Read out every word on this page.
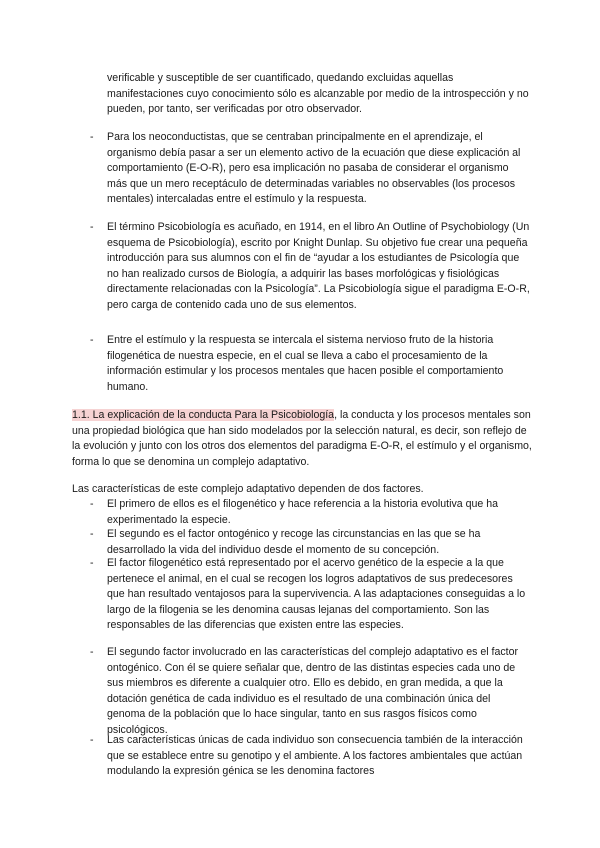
verificable y susceptible de ser cuantificado, quedando excluidas aquellas manifestaciones cuyo conocimiento sólo es alcanzable por medio de la introspección y no pueden, por tanto, ser verificadas por otro observador.
- Para los neoconductistas, que se centraban principalmente en el aprendizaje, el organismo debía pasar a ser un elemento activo de la ecuación que diese explicación al comportamiento (E-O-R), pero esa implicación no pasaba de considerar el organismo más que un mero receptáculo de determinadas variables no observables (los procesos mentales) intercaladas entre el estímulo y la respuesta.
- El término Psicobiología es acuñado, en 1914, en el libro An Outline of Psychobiology (Un esquema de Psicobiología), escrito por Knight Dunlap. Su objetivo fue crear una pequeña introducción para sus alumnos con el fin de “ayudar a los estudiantes de Psicología que no han realizado cursos de Biología, a adquirir las bases morfológicas y fisiológicas directamente relacionadas con la Psicología”. La Psicobiología sigue el paradigma E-O-R, pero carga de contenido cada uno de sus elementos.
- Entre el estímulo y la respuesta se intercala el sistema nervioso fruto de la historia filogenética de nuestra especie, en el cual se lleva a cabo el procesamiento de la información estimular y los procesos mentales que hacen posible el comportamiento humano.
1.1. La explicación de la conducta Para la Psicobiología, la conducta y los procesos mentales son una propiedad biológica que han sido modelados por la selección natural, es decir, son reflejo de la evolución y junto con los otros dos elementos del paradigma E-O-R, el estímulo y el organismo, forma lo que se denomina un complejo adaptativo.
Las características de este complejo adaptativo dependen de dos factores.
- El primero de ellos es el filogenético y hace referencia a la historia evolutiva que ha experimentado la especie.
- El segundo es el factor ontogénico y recoge las circunstancias en las que se ha desarrollado la vida del individuo desde el momento de su concepción.
- El factor filogenético está representado por el acervo genético de la especie a la que pertenece el animal, en el cual se recogen los logros adaptativos de sus predecesores que han resultado ventajosos para la supervivencia. A las adaptaciones conseguidas a lo largo de la filogenia se les denomina causas lejanas del comportamiento. Son las responsables de las diferencias que existen entre las especies.
- El segundo factor involucrado en las características del complejo adaptativo es el factor ontogénico. Con él se quiere señalar que, dentro de las distintas especies cada uno de sus miembros es diferente a cualquier otro. Ello es debido, en gran medida, a que la dotación genética de cada individuo es el resultado de una combinación única del genoma de la población que lo hace singular, tanto en sus rasgos físicos como psicológicos.
- Las características únicas de cada individuo son consecuencia también de la interacción que se establece entre su genotipo y el ambiente. A los factores ambientales que actúan modulando la expresión génica se les denomina factores
